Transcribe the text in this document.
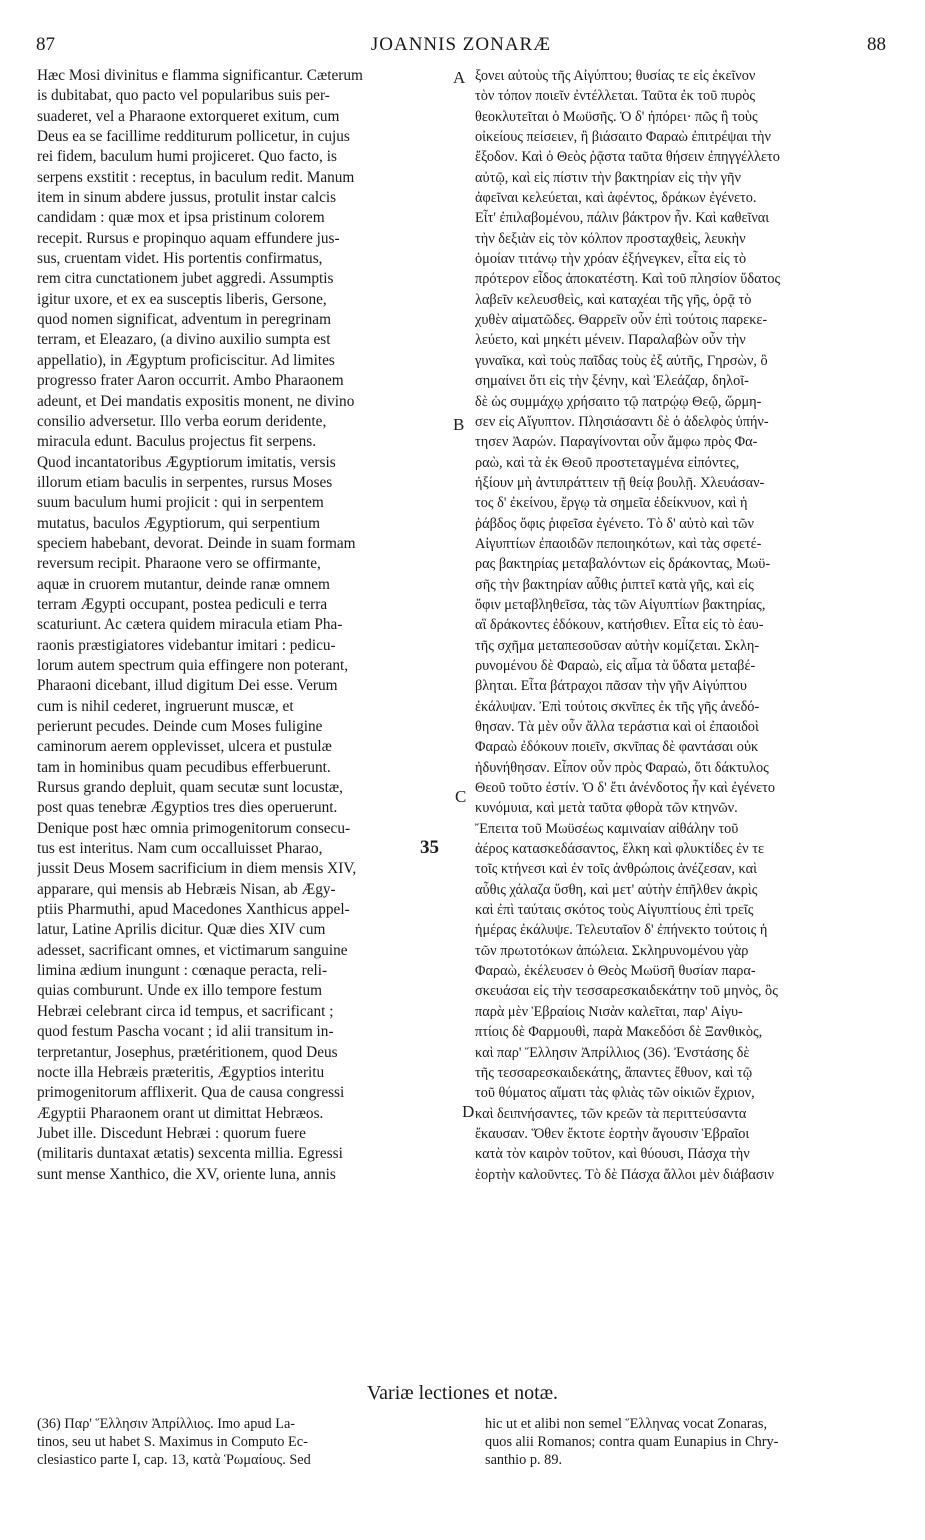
87	JOANNIS ZONARÆ	88
Hæc Mosi divinitus e flamma significantur. Cæterum
is dubitabat, quo pacto vel popularibus suis per-
suaderet, vel a Pharaone extorqueret exitum, cum
Deus ea se facillime redditurum pollicetur, in cujus
rei fidem, baculum humi projiceret. Quo facto, is
serpens exstitit : receptus, in baculum redit. Manum
item in sinum abdere jussus, protulit instar calcis
candidam : quæ mox et ipsa pristinum colorem
recepit. Rursus e propinquo aquam effundere jus-
sus, cruentam videt. His portentis confirmatus,
rem citra cunctationem jubet aggredi. Assumptis
igitur uxore, et ex ea susceptis liberis, Gersone,
quod nomen significat, adventum in peregrinam
terram, et Eleazaro, (a divino auxilio sumpta est
appellatio), in Ægyptum proficiscitur. Ad limites
progresso frater Aaron occurrit. Ambo Pharaonem
adeunt, et Dei mandatis expositis monent, ne divino
consilio adversetur. Illo verba eorum deridente,
miracula edunt. Baculus projectus fit serpens.
Quod incantatoribus Ægyptiorum imitatis, versis
illorum etiam baculis in serpentes, rursus Moses
suum baculum humi projicit : qui in serpentem
mutatus, baculos Ægyptiorum, qui serpentium
speciem habebant, devorat. Deinde in suam formam
reversum recipit. Pharaone vero se offirmante,
aquæ in cruorem mutantur, deinde ranæ omnem
terram Ægypti occupant, postea pediculi e terra
scaturiunt. Ac cætera quidem miracula etiam Pha-
raonis præstigiatores videbantur imitari : pedicu-
lorum autem spectrum quia effingere non poterant,
Pharaoni dicebant, illud digitum Dei esse. Verum
cum is nihil cederet, ingruerunt muscæ, et
perierunt pecudes. Deinde cum Moses fuligine
caminorum aerem opplevisset, ulcera et pustulæ
tam in hominibus quam pecudibus efferbuerunt.
Rursus grando depluit, quam secutæ sunt locustæ,
post quas tenebræ Ægyptios tres dies operuerunt.
Denique post hæc omnia primogenitorum consecu-
tus est interitus. Nam cum occalluisset Pharao,
jussit Deus Mosem sacrificium in diem mensis XIV,
apparare, qui mensis ab Hebræis Nisan, ab Ægy-
ptiis Pharmuthi, apud Macedones Xanthicus appel-
latur, Latine Aprilis dicitur. Quæ dies XIV cum
adesset, sacrificant omnes, et victimarum sanguine
limina ædium inungunt : cœnaque peracta, reli-
quias comburunt. Unde ex illo tempore festum
Hebræi celebrant circa id tempus, et sacrificant ;
quod festum Pascha vocant ; id alii transitum in-
terpretantur, Josephus, prætéritionem, quod Deus
nocte illa Hebræis præteritis, Ægyptios interitu
primogenitorum afflixerit. Qua de causa congressi
Ægyptii Pharaonem orant ut dimittat Hebræos.
Jubet ille. Discedunt Hebræi : quorum fuere
(militaris duntaxat ætatis) sexcenta millia. Egressi
sunt mense Xanthico, die XV, oriente luna, annis
ξονει αὐτοὺς τῆς Αἰγύπτου; θυσίας τε εἰς ἐκεῖνον
τὸν τόπον ποιεῖν ἐντέλλεται. Ταῦτα ἐκ τοῦ πυρὸς
θεοκλυτεῖται ὁ Μωϋσῆς. Ὁ δ' ἠπόρει· πῶς ἢ τοὺς
οἰκείους πείσειεν, ἢ βιάσαιτο Φαραὼ ἐπιτρέψαι τὴν
ἔξοδον. Καὶ ὁ Θεὸς ῥᾷστα ταῦτα θήσειν ἐπηγγέλλετο
αὐτῷ, καὶ εἰς πίστιν τὴν βακτηρίαν εἰς τὴν γῆν
ἀφεῖναι κελεύεται, καὶ ἀφέντος, δράκων ἐγένετο.
Εἶτ' ἐπιλαβομένου, πάλιν βάκτρον ἦν. Καὶ καθεῖναι
τὴν δεξιὰν εἰς τὸν κόλπον προσταχθεὶς, λευκὴν
ὁμοίαν τιτάνῳ τὴν χρόαν ἐξήνεγκεν, εἶτα εἰς τὸ
πρότερον εἶδος ἀποκατέστη. Καὶ τοῦ πλησίον ὕδατος
λαβεῖν κελευσθεὶς, καὶ καταχέαι τῆς γῆς, ὁρᾷ τὸ
χυθὲν αἱματῶδες. Θαρρεῖν οὖν ἐπὶ τούτοις παρεκε-
λεύετο, καὶ μηκέτι μένειν. Παραλαβὼν οὖν τὴν
γυναῖκα, καὶ τοὺς παῖδας τοὺς ἐξ αὐτῆς, Γηρσὼν, ὃ
σημαίνει ὅτι εἰς τὴν ξένην, καὶ Ἐλεάζαρ, δηλοῖ-
δὲ ὡς συμμάχῳ χρήσαιτο τῷ πατρῴῳ Θεῷ, ὥρμη-
σεν εἰς Αἴγυπτον. Πλησιάσαντι δὲ ὁ ἀδελφὸς ὑπήν-
τησεν Ἀαρών. Παραγίνονται οὖν ἄμφω πρὸς Φα-
ραὼ, καὶ τὰ ἐκ Θεοῦ προστεταγμένα εἰπόντες,
ἠξίουν μὴ ἀντιπράττειν τῇ θείᾳ βουλῇ. Χλευάσαν-
τος δ' ἐκείνου, ἔργῳ τὰ σημεῖα ἐδείκνυον, καὶ ἡ
ῥάβδος ὄφις ῥιφεῖσα ἐγένετο. Τὸ δ' αὐτὸ καὶ τῶν
Αἰγυπτίων ἐπαοιδῶν πεποιηκότων, καὶ τὰς σφετέ-
ρας βακτηρίας μεταβαλόντων εἰς δράκοντας, Μωϋ-
σῆς τὴν βακτηρίαν αὖθις ῥιπτεῖ κατὰ γῆς, καὶ εἰς
ὄφιν μεταβληθεῖσα, τὰς τῶν Αἰγυπτίων βακτηρίας,
αἳ δράκοντες ἐδόκουν, κατήσθιεν. Εἶτα εἰς τὸ ἑαυ-
τῆς σχῆμα μεταπεσοῦσαν αὐτὴν κομίζεται. Σκλη-
ρυνομένου δὲ Φαραὼ, εἰς αἷμα τὰ ὕδατα μεταβέ-
βληται. Εἶτα βάτραχοι πᾶσαν τὴν γῆν Αἰγύπτου
ἐκάλυψαν. Ἐπὶ τούτοις σκνῖπες ἐκ τῆς γῆς ἀνεδό-
θησαν. Τὰ μὲν οὖν ἄλλα τεράστια καὶ οἱ ἐπαοιδοὶ
Φαραὼ ἐδόκουν ποιεῖν, σκνῖπας δὲ φαντάσαι οὐκ
ἠδυνήθησαν. Εἶπον οὖν πρὸς Φαραὼ, ὅτι δάκτυλος
Θεοῦ τοῦτο ἐστίν. Ὁ δ' ἔτι ἀνένδοτος ἦν καὶ ἐγένετο
κυνόμυια, καὶ μετὰ ταῦτα φθορὰ τῶν κτηνῶν.
Ἔπειτα τοῦ Μωϋσέως καμιναίαν αἰθάλην τοῦ
ἀέρος κατασκεδάσαντος, ἕλκη καὶ φλυκτίδες ἐν τε
τοῖς κτήνεσι καὶ ἐν τοῖς ἀνθρώποις ἀνέζεσαν, καὶ
αὖθις χάλαζα ὕσθη, καὶ μετ' αὐτὴν ἐπῆλθεν ἀκρὶς
καὶ ἐπὶ ταύταις σκότος τοὺς Αἰγυπτίους ἐπὶ τρεῖς
ἡμέρας ἐκάλυψε. Τελευταῖον δ' ἐπήνεκτο τούτοις ἡ
τῶν πρωτοτόκων ἀπώλεια. Σκληρυνομένου γὰρ
Φαραὼ, ἐκέλευσεν ὁ Θεὸς Μωϋσῆ θυσίαν παρα-
σκευάσαι εἰς τὴν τεσσαρεσκαιδεκάτην τοῦ μηνὸς, ὃς
παρὰ μὲν Ἑβραίοις Νισὰν καλεῖται, παρ' Αἰγυ-
πτίοις δὲ Φαρμουθὶ, παρὰ Μακεδόσι δὲ Ξανθικὸς,
καὶ παρ' Ἕλλησιν Ἀπρίλλιος (36). Ἐνστάσης δὲ
τῆς τεσσαρεσκαιδεκάτης, ἅπαντες ἔθυον, καὶ τῷ
τοῦ θύματος αἵματι τὰς φλιὰς τῶν οἰκιῶν ἔχριον,
καὶ δειπνήσαντες, τῶν κρεῶν τὰ περιττεύσαντα
ἔκαυσαν. Ὅθεν ἔκτοτε ἑορτὴν ἄγουσιν Ἑβραῖοι
κατὰ τὸν καιρὸν τοῦτον, καὶ θύουσι, Πάσχα τὴν
ἑορτὴν καλοῦντες. Τὸ δὲ Πάσχα ἄλλοι μὲν διάβασιν
A
B
C
D
35
Variæ lectiones et notæ.
(36) Παρ' Ἕλλησιν Ἀπρίλλιος. Imo apud La-
tinos, seu ut habet S. Maximus in Computo Ec-
clesiastico parte I, cap. 13, κατὰ Ῥωμαίους. Sed
hic ut et alibi non semel Ἕλληνας vocat Zonaras,
quos alii Romanos; contra quam Eunapius in Chry-
santhio p. 89.
